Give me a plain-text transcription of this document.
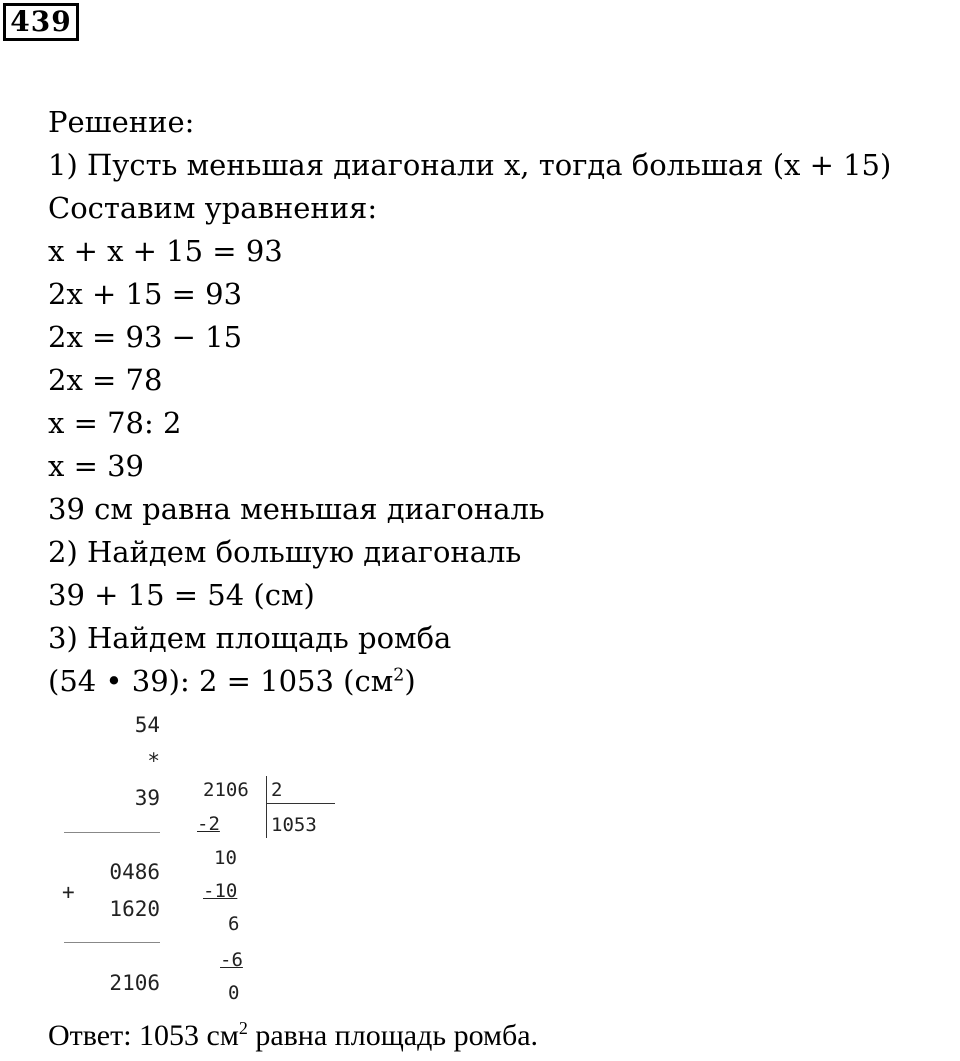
439
Решение:
1) Пусть меньшая диагонали x, тогда большая (x + 15)
Составим уравнения:
x + x + 15 = 93
2x + 15 = 93
2x = 93 − 15
2x = 78
x = 78: 2
x = 39
39 см равна меньшая диагональ
2) Найдем большую диагональ
39 + 15 = 54 (см)
3) Найдем площадь ромба
(54 • 39): 2 = 1053 $(см^2)$
54
*
39
0486
+
1620
2106
2106 2
1053
-2
10
-10
6
-6
0
Ответ: 1053 $см^2$ равна площадь ромба.
